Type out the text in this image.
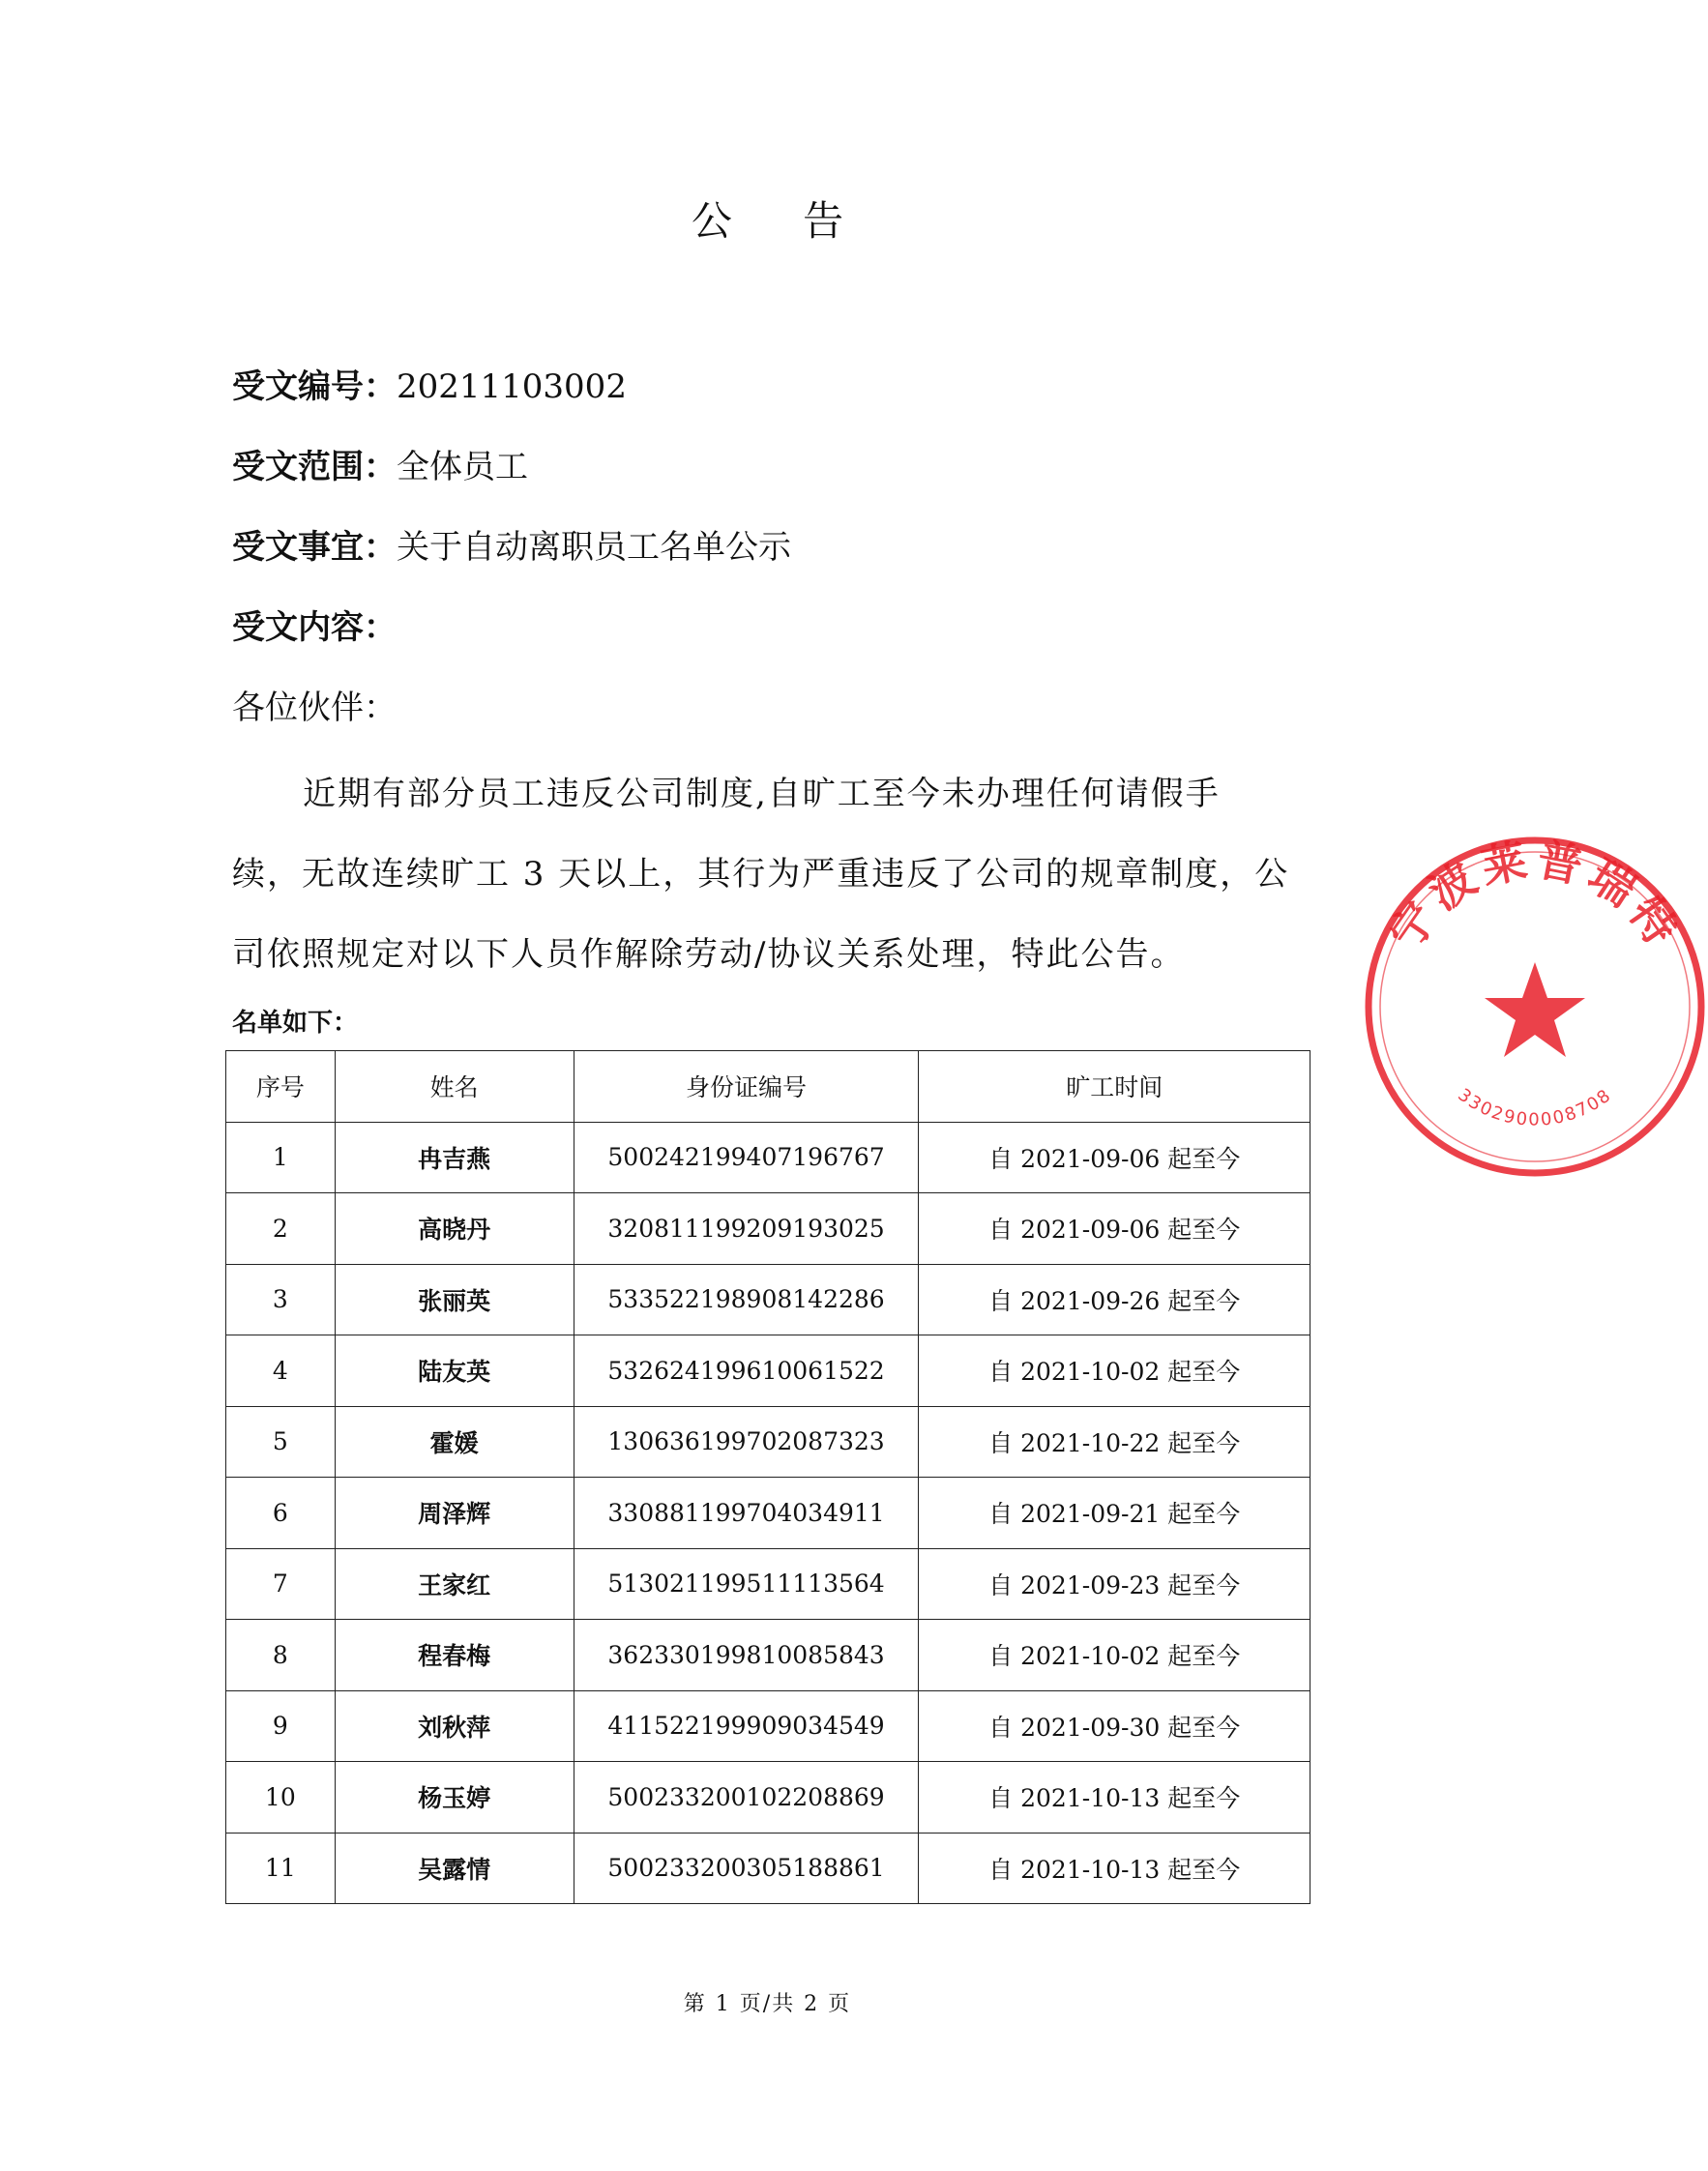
公 告
受文编号：20211103002
受文范围：全体员工
受文事宜：关于自动离职员工名单公示
受文内容：
各位伙伴：
近期有部分员工违反公司制度,自旷工至今未办理任何请假手
续，无故连续旷工 3 天以上，其行为严重违反了公司的规章制度，公
司依照规定对以下人员作解除劳动/协议关系处理，特此公告。
名单如下：
序号	姓名	身份证编号	旷工时间
1	冉吉燕	500242199407196767	自 2021-09-06 起至今
2	高晓丹	320811199209193025	自 2021-09-06 起至今
3	张丽英	533522198908142286	自 2021-09-26 起至今
4	陆友英	532624199610061522	自 2021-10-02 起至今
5	霍媛	130636199702087323	自 2021-10-22 起至今
6	周泽辉	330881199704034911	自 2021-09-21 起至今
7	王家红	513021199511113564	自 2021-09-23 起至今
8	程春梅	362330199810085843	自 2021-10-02 起至今
9	刘秋萍	411522199909034549	自 2021-09-30 起至今
10	杨玉婷	500233200102208869	自 2021-10-13 起至今
11	吴露情	500233200305188861	自 2021-10-13 起至今
第 1 页/共 2 页
宁波莱普瑞特
3302900008708
